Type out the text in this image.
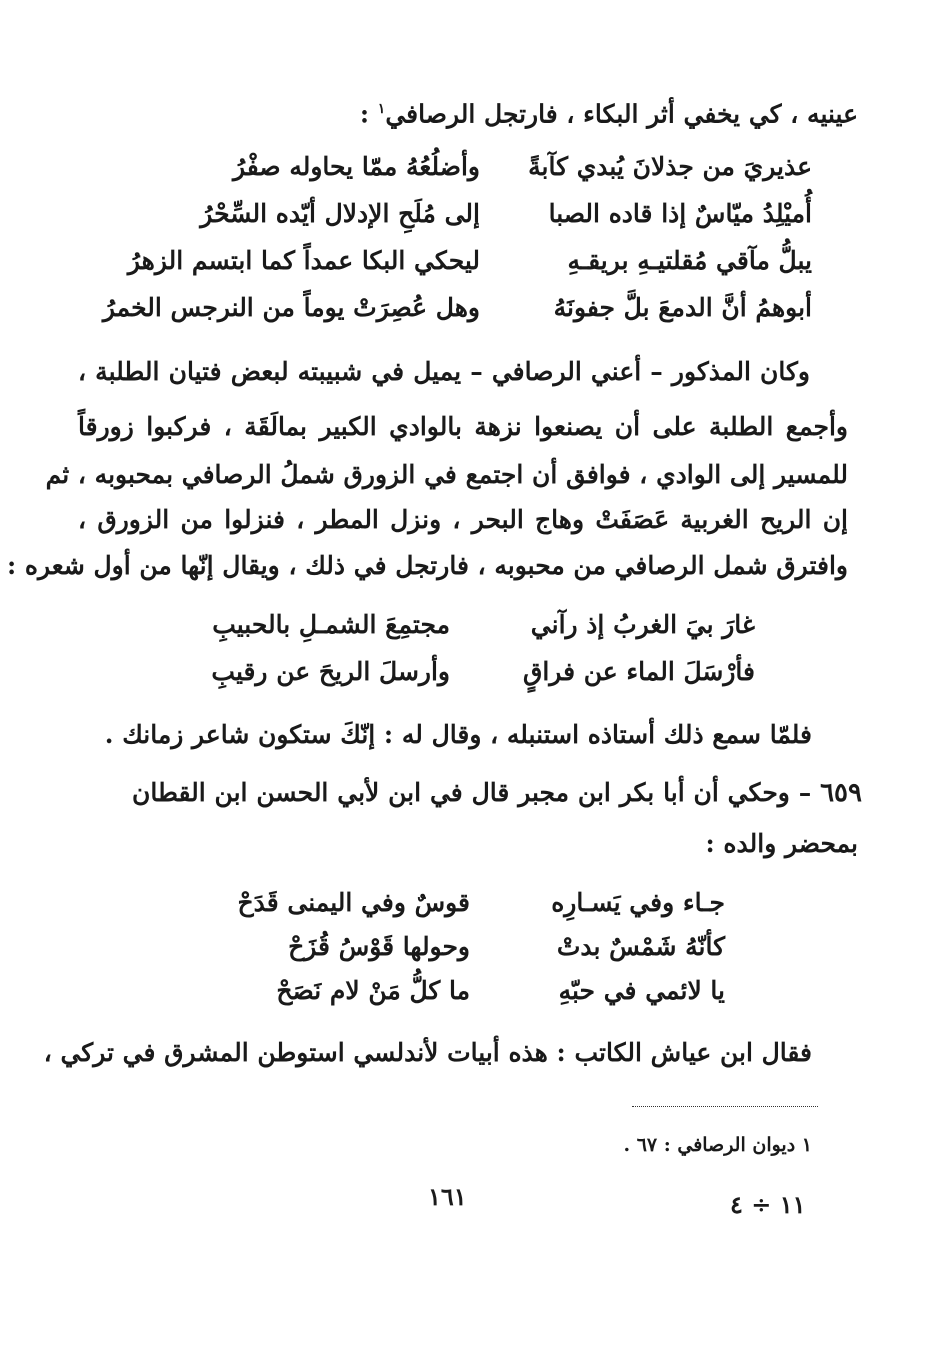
عينيه ، كي يخفي أثر البكاء ، فارتجل الرصافي$^١$ :
عذيريَ من جذلانَ يُبدي كآبةً
وأضلُعُهُ ممّا يحاوله صفْرُ
أُميْلِدُ ميّاسٌ إذا قاده الصبا
إلى مُلَحِ الإدلال أيّده السِّحْرُ
يبلُّ مآقي مُقلتيـهِ بريقـهِ
ليحكي البكا عمداً كما ابتسم الزهرُ
أبوهمُ أنَّ الدمعَ بلَّ جفونَهُ
وهل عُصِرَتْ يوماً من النرجس الخمرُ
وكان المذكور – أعني الرصافي – يميل في شبيبته لبعض فتيان الطلبة ،
وأجمع الطلبة على أن يصنعوا نزهة بالوادي الكبير بمالَقَة ، فركبوا زورقاً
للمسير إلى الوادي ، فوافق أن اجتمع في الزورق شملُ الرصافي بمحبوبه ، ثم
إن الريح الغربية عَصَفَتْ وهاج البحر ، ونزل المطر ، فنزلوا من الزورق ،
وافترق شمل الرصافي من محبوبه ، فارتجل في ذلك ، ويقال إنّها من أول شعره :
غارَ بيَ الغربُ إذ رآني
مجتمِعَ الشمـلِ بالحبيبِ
فأرْسَلَ الماء عن فراقٍ
وأرسلَ الريحَ عن رقيبِ
فلمّا سمع ذلك أستاذه استنبله ، وقال له : إنّكَ ستكون شاعر زمانك .
٦٥٩ – وحكي أن أبا بكر ابن مجبر قال في ابن لأبي الحسن ابن القطان
بمحضر والده :
جـاء وفي يَسـارِه
قوسٌ وفي اليمنى قَدَحْ
كأنّهُ شَمْسٌ بدتْ
وحولها قَوْسُ قُزَحْ
يا لائمي في حبّهِ
ما كلُّ مَنْ لام نَصَحْ
فقال ابن عياش الكاتب : هذه أبيات لأندلسي استوطن المشرق في تركي ،
١ ديوان الرصافي : ٦٧ .
١٦١	١١ ÷ ٤
